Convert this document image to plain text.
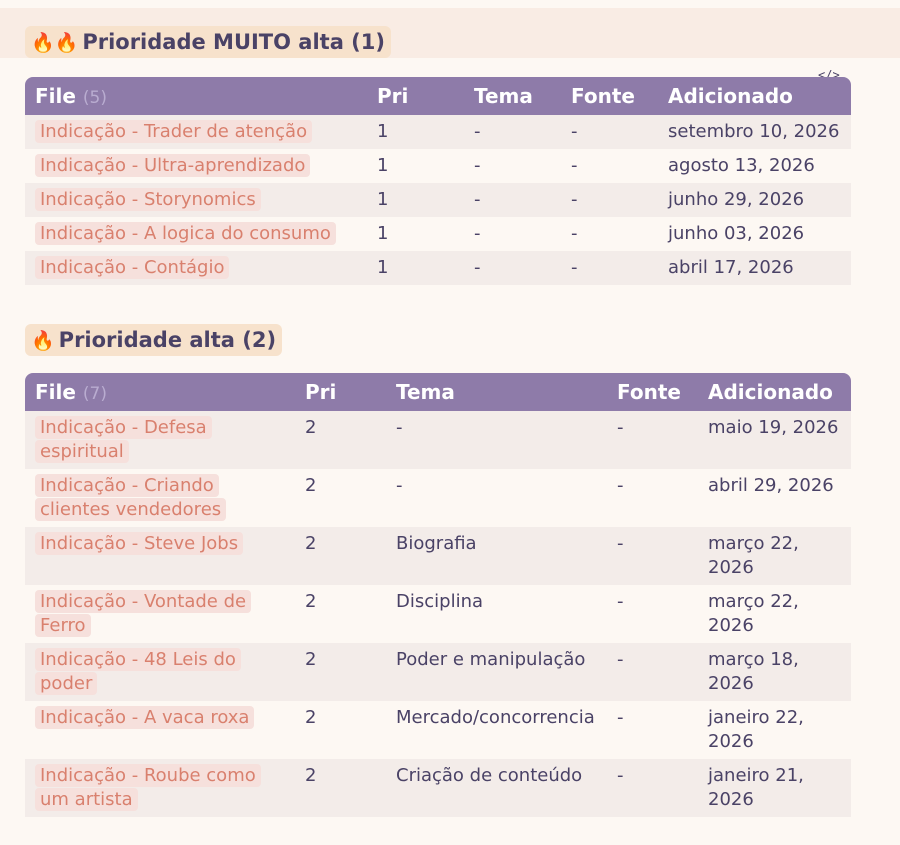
🔥🔥 Prioridade MUITO alta (1)
</>
File (5)	Pri	Tema	Fonte	Adicionado
Indicação - Trader de atenção	1	-	-	setembro 10, 2026
Indicação - Ultra-aprendizado	1	-	-	agosto 13, 2026
Indicação - Storynomics	1	-	-	junho 29, 2026
Indicação - A logica do consumo	1	-	-	junho 03, 2026
Indicação - Contágio	1	-	-	abril 17, 2026
🔥 Prioridade alta (2)
File (7)	Pri	Tema	Fonte	Adicionado
Indicação - Defesa espiritual	2	-	-	maio 19, 2026
Indicação - Criando clientes vendedores	2	-	-	abril 29, 2026
Indicação - Steve Jobs	2	Biografia	-	março 22, 2026
Indicação - Vontade de Ferro	2	Disciplina	-	março 22, 2026
Indicação - 48 Leis do poder	2	Poder e manipulação	-	março 18, 2026
Indicação - A vaca roxa	2	Mercado/concorrencia	-	janeiro 22, 2026
Indicação - Roube como um artista	2	Criação de conteúdo	-	janeiro 21, 2026
